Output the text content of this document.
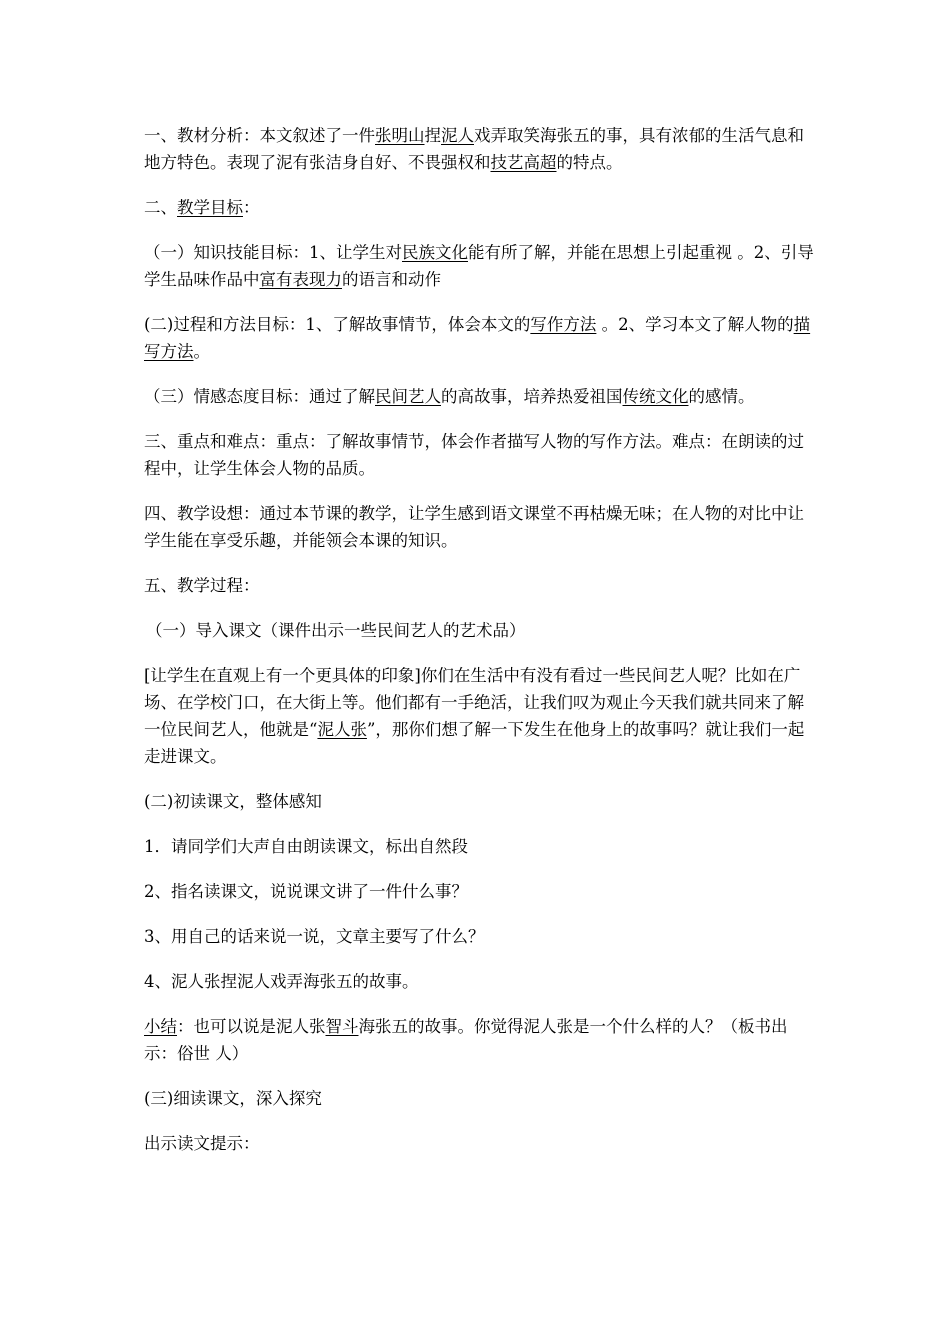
一、教材分析：本文叙述了一件张明山捏泥人戏弄取笑海张五的事，具有浓郁的生活气息和地方特色。表现了泥有张洁身自好、不畏强权和技艺高超的特点。

二、教学目标：

（一）知识技能目标：1、让学生对民族文化能有所了解，并能在思想上引起重视 。2、引导学生品味作品中富有表现力的语言和动作

(二)过程和方法目标：1、了解故事情节，体会本文的写作方法 。2、学习本文了解人物的描写方法。

（三）情感态度目标：通过了解民间艺人的高故事，培养热爱祖国传统文化的感情。

三、重点和难点：重点：了解故事情节，体会作者描写人物的写作方法。难点：在朗读的过程中，让学生体会人物的品质。

四、教学设想：通过本节课的教学，让学生感到语文课堂不再枯燥无味；在人物的对比中让学生能在享受乐趣，并能领会本课的知识。

五、教学过程：

（一）导入课文（课件出示一些民间艺人的艺术品）

[让学生在直观上有一个更具体的印象]你们在生活中有没有看过一些民间艺人呢？比如在广场、在学校门口，在大街上等。他们都有一手绝活，让我们叹为观止今天我们就共同来了解一位民间艺人，他就是“泥人张”，那你们想了解一下发生在他身上的故事吗？就让我们一起走进课文。

(二)初读课文，整体感知

1．请同学们大声自由朗读课文，标出自然段

2、指名读课文，说说课文讲了一件什么事？

3、用自己的话来说一说，文章主要写了什么？

4、泥人张捏泥人戏弄海张五的故事。

小结：也可以说是泥人张智斗海张五的故事。你觉得泥人张是一个什么样的人？（板书出示：俗世 人）

(三)细读课文，深入探究

出示读文提示：
